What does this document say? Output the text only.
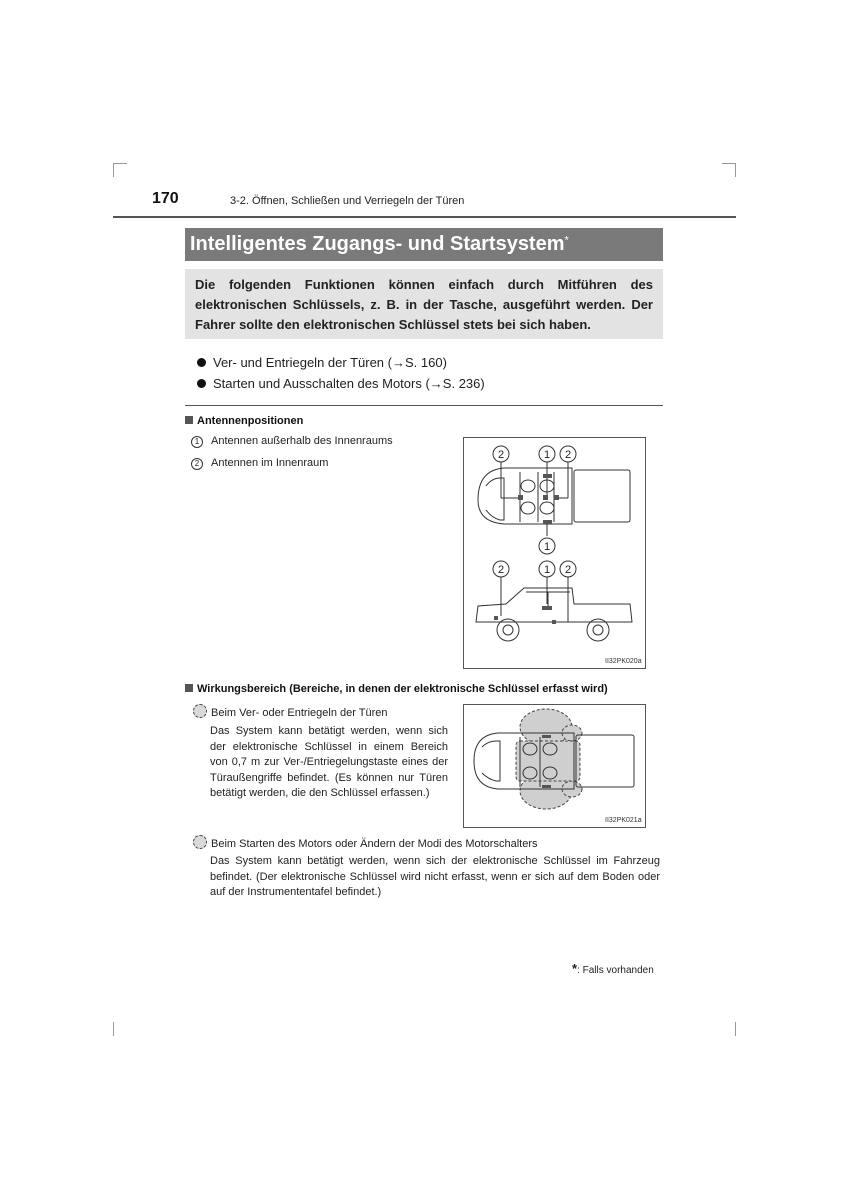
170	3-2. Öffnen, Schließen und Verriegeln der Türen
Intelligentes Zugangs- und Startsystem*
Die folgenden Funktionen können einfach durch Mitführen des elektronischen Schlüssels, z. B. in der Tasche, ausgeführt werden. Der Fahrer sollte den elektronischen Schlüssel stets bei sich haben.
Ver- und Entriegeln der Türen (→S. 160)
Starten und Ausschalten des Motors (→S. 236)
Antennenpositionen
1 Antennen außerhalb des Innenraums
2 Antennen im Innenraum
2	1 2
1
2	1 2
II32PK020a
Wirkungsbereich (Bereiche, in denen der elektronische Schlüssel erfasst wird)
Beim Ver- oder Entriegeln der Türen
Das System kann betätigt werden, wenn sich der elektronische Schlüssel in einem Bereich von 0,7 m zur Ver-/Entriegelungstaste eines der Türaußengriffe befindet. (Es können nur Türen betätigt werden, die den Schlüssel erfassen.)
II32PK021a
Beim Starten des Motors oder Ändern der Modi des Motorschalters
Das System kann betätigt werden, wenn sich der elektronische Schlüssel im Fahrzeug befindet. (Der elektronische Schlüssel wird nicht erfasst, wenn er sich auf dem Boden oder auf der Instrumententafel befindet.)
*: Falls vorhanden
